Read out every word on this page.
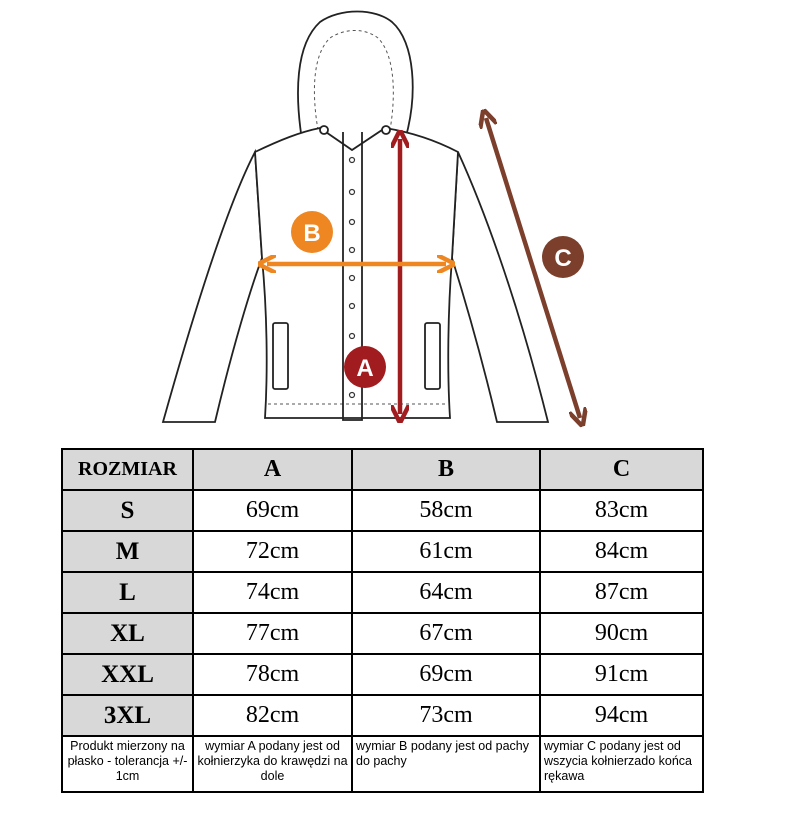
A
B
C
ROZMIAR	A	B	C
S	69cm	58cm	83cm
M	72cm	61cm	84cm
L	74cm	64cm	87cm
XL	77cm	67cm	90cm
XXL	78cm	69cm	91cm
3XL	82cm	73cm	94cm
Produkt mierzony na płasko - tolerancja +/- 1cm	wymiar A podany jest od kołnierzyka do krawędzi na dole	wymiar B podany jest od pachy do pachy	wymiar C podany jest od wszycia kołnierzado końca rękawa
